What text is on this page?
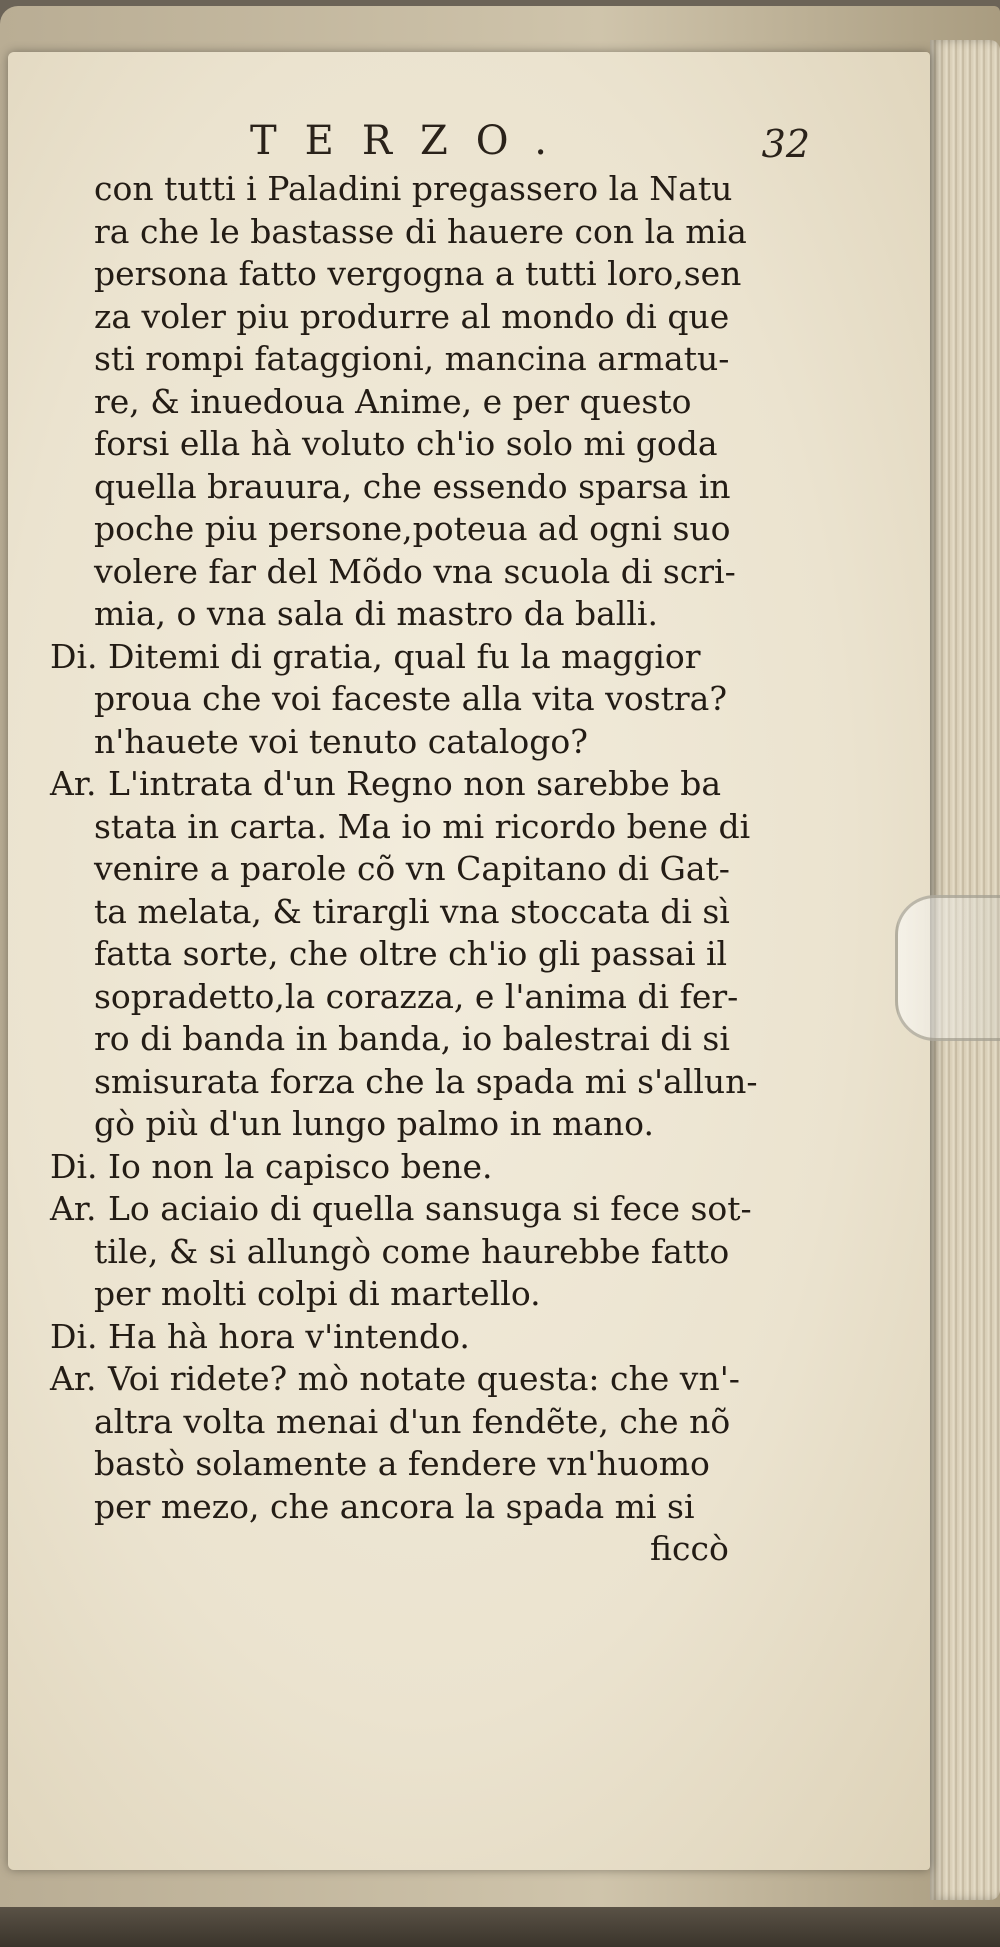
TERZO.	32
con tutti i Paladini pregassero la Natu
ra che le bastasse di hauere con la mia
persona fatto vergogna a tutti loro,sen
za voler piu produrre al mondo di que
sti rompi fataggioni, mancina armatu-
re, & inuedoua Anime, e per questo
forsi ella hà voluto ch'io solo mi goda
quella brauura, che essendo sparsa in
poche piu persone,poteua ad ogni suo
volere far del Mõdo vna scuola di scri-
mia, o vna sala di mastro da balli.
Di. Ditemi di gratia, qual fu la maggior
proua che voi faceste alla vita vostra?
n'hauete voi tenuto catalogo?
Ar. L'intrata d'un Regno non sarebbe ba
stata in carta. Ma io mi ricordo bene di
venire a parole cõ vn Capitano di Gat-
ta melata, & tirargli vna stoccata di sì
fatta sorte, che oltre ch'io gli passai il
sopradetto,la corazza, e l'anima di fer-
ro di banda in banda, io balestrai di si
smisurata forza che la spada mi s'allun-
gò più d'un lungo palmo in mano.
Di. Io non la capisco bene.
Ar. Lo aciaio di quella sansuga si fece sot-
tile, & si allungò come haurebbe fatto
per molti colpi di martello.
Di. Ha hà hora v'intendo.
Ar. Voi ridete? mò notate questa: che vn'-
altra volta menai d'un fendẽte, che nõ
bastò solamente a fendere vn'huomo
per mezo, che ancora la spada mi si
ficcò
